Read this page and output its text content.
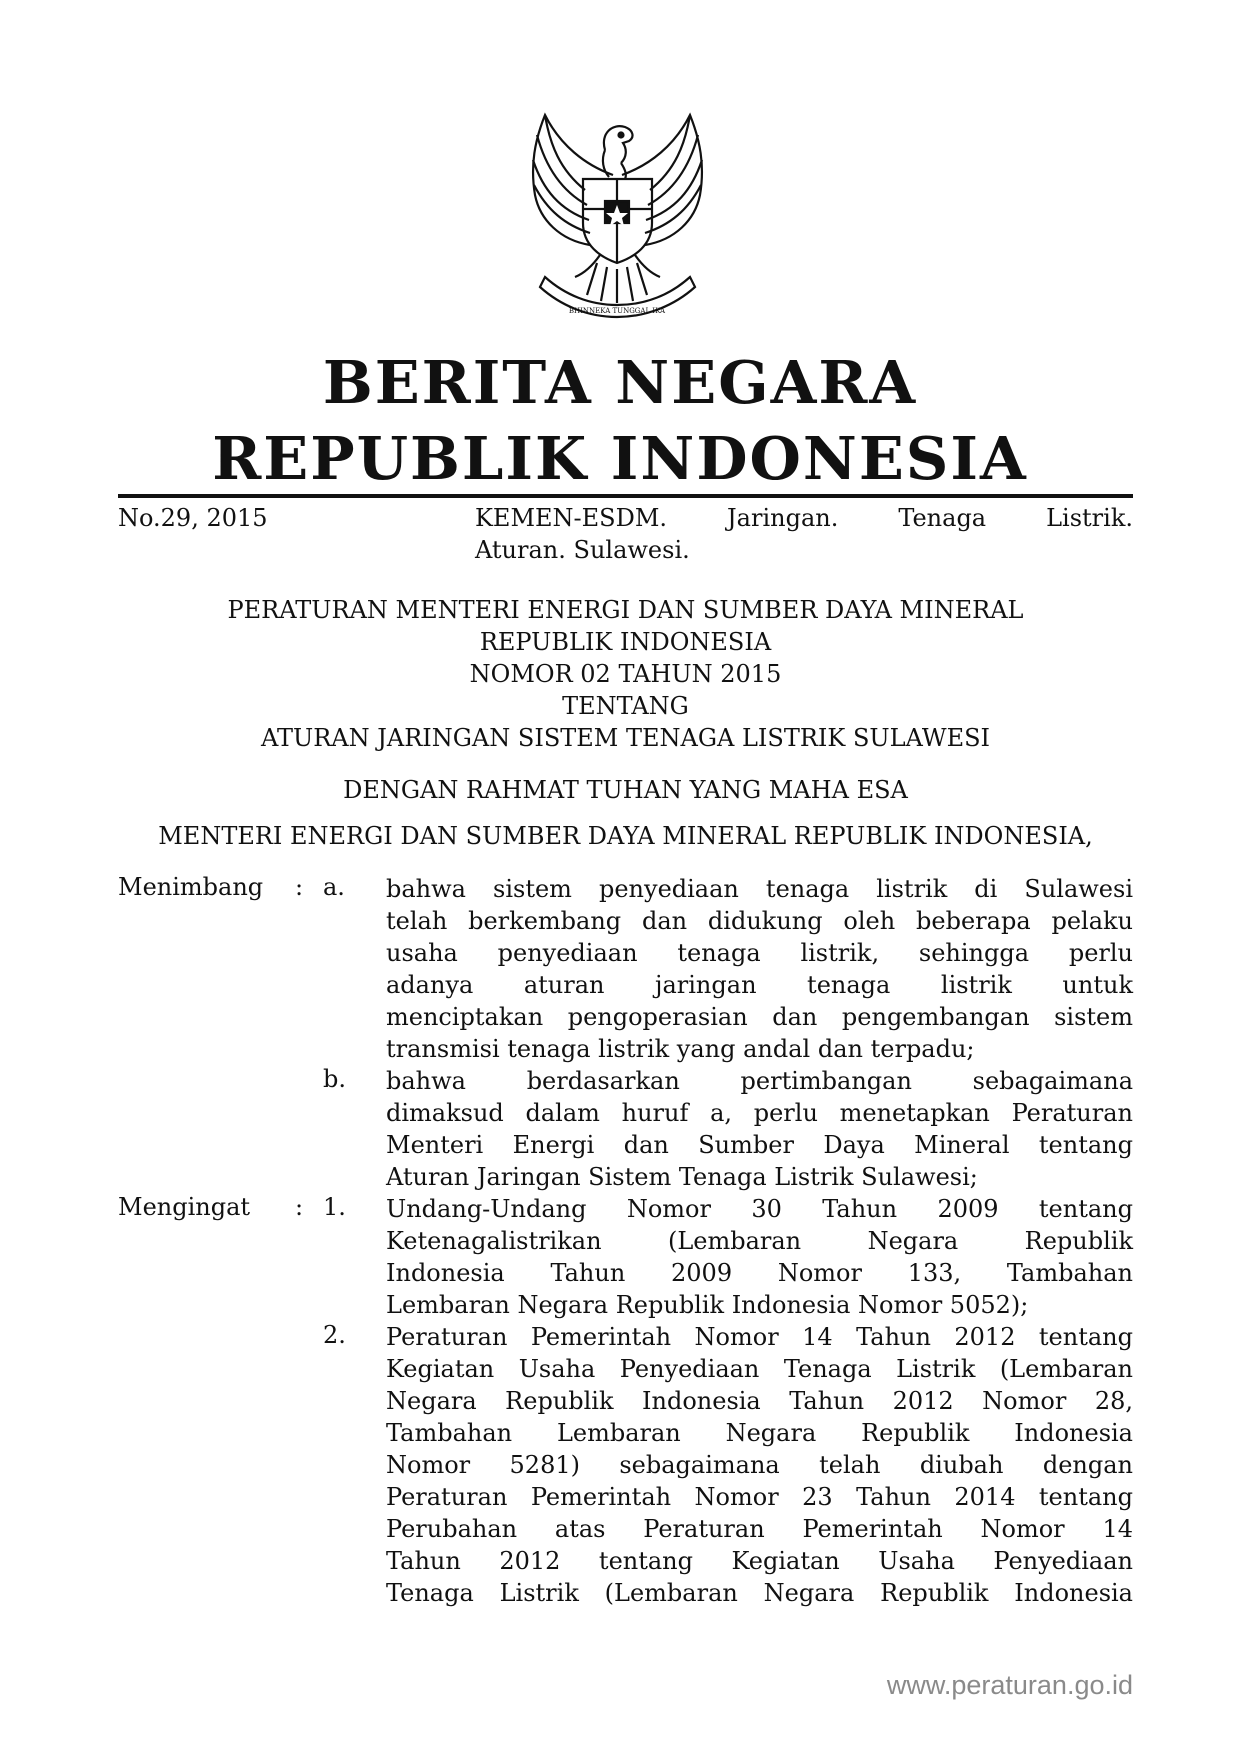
BHINNEKA TUNGGAL IKA
BERITA NEGARA
REPUBLIK INDONESIA
No.29, 2015	KEMEN-ESDM. Jaringan. Tenaga Listrik.
Aturan. Sulawesi.
PERATURAN MENTERI ENERGI DAN SUMBER DAYA MINERAL
REPUBLIK INDONESIA
NOMOR 02 TAHUN 2015
TENTANG
ATURAN JARINGAN SISTEM TENAGA LISTRIK SULAWESI
DENGAN RAHMAT TUHAN YANG MAHA ESA
MENTERI ENERGI DAN SUMBER DAYA MINERAL REPUBLIK INDONESIA,
Menimbang : a. bahwa sistem penyediaan tenaga listrik di Sulawesi
telah berkembang dan didukung oleh beberapa pelaku
usaha penyediaan tenaga listrik, sehingga perlu
adanya aturan jaringan tenaga listrik untuk
menciptakan pengoperasian dan pengembangan sistem
transmisi tenaga listrik yang andal dan terpadu;
b. bahwa berdasarkan pertimbangan sebagaimana
dimaksud dalam huruf a, perlu menetapkan Peraturan
Menteri Energi dan Sumber Daya Mineral tentang
Aturan Jaringan Sistem Tenaga Listrik Sulawesi;
Mengingat : 1. Undang-Undang Nomor 30 Tahun 2009 tentang
Ketenagalistrikan (Lembaran Negara Republik
Indonesia Tahun 2009 Nomor 133, Tambahan
Lembaran Negara Republik Indonesia Nomor 5052);
2. Peraturan Pemerintah Nomor 14 Tahun 2012 tentang
Kegiatan Usaha Penyediaan Tenaga Listrik (Lembaran
Negara Republik Indonesia Tahun 2012 Nomor 28,
Tambahan Lembaran Negara Republik Indonesia
Nomor 5281) sebagaimana telah diubah dengan
Peraturan Pemerintah Nomor 23 Tahun 2014 tentang
Perubahan atas Peraturan Pemerintah Nomor 14
Tahun 2012 tentang Kegiatan Usaha Penyediaan
Tenaga Listrik (Lembaran Negara Republik Indonesia
www.peraturan.go.id
